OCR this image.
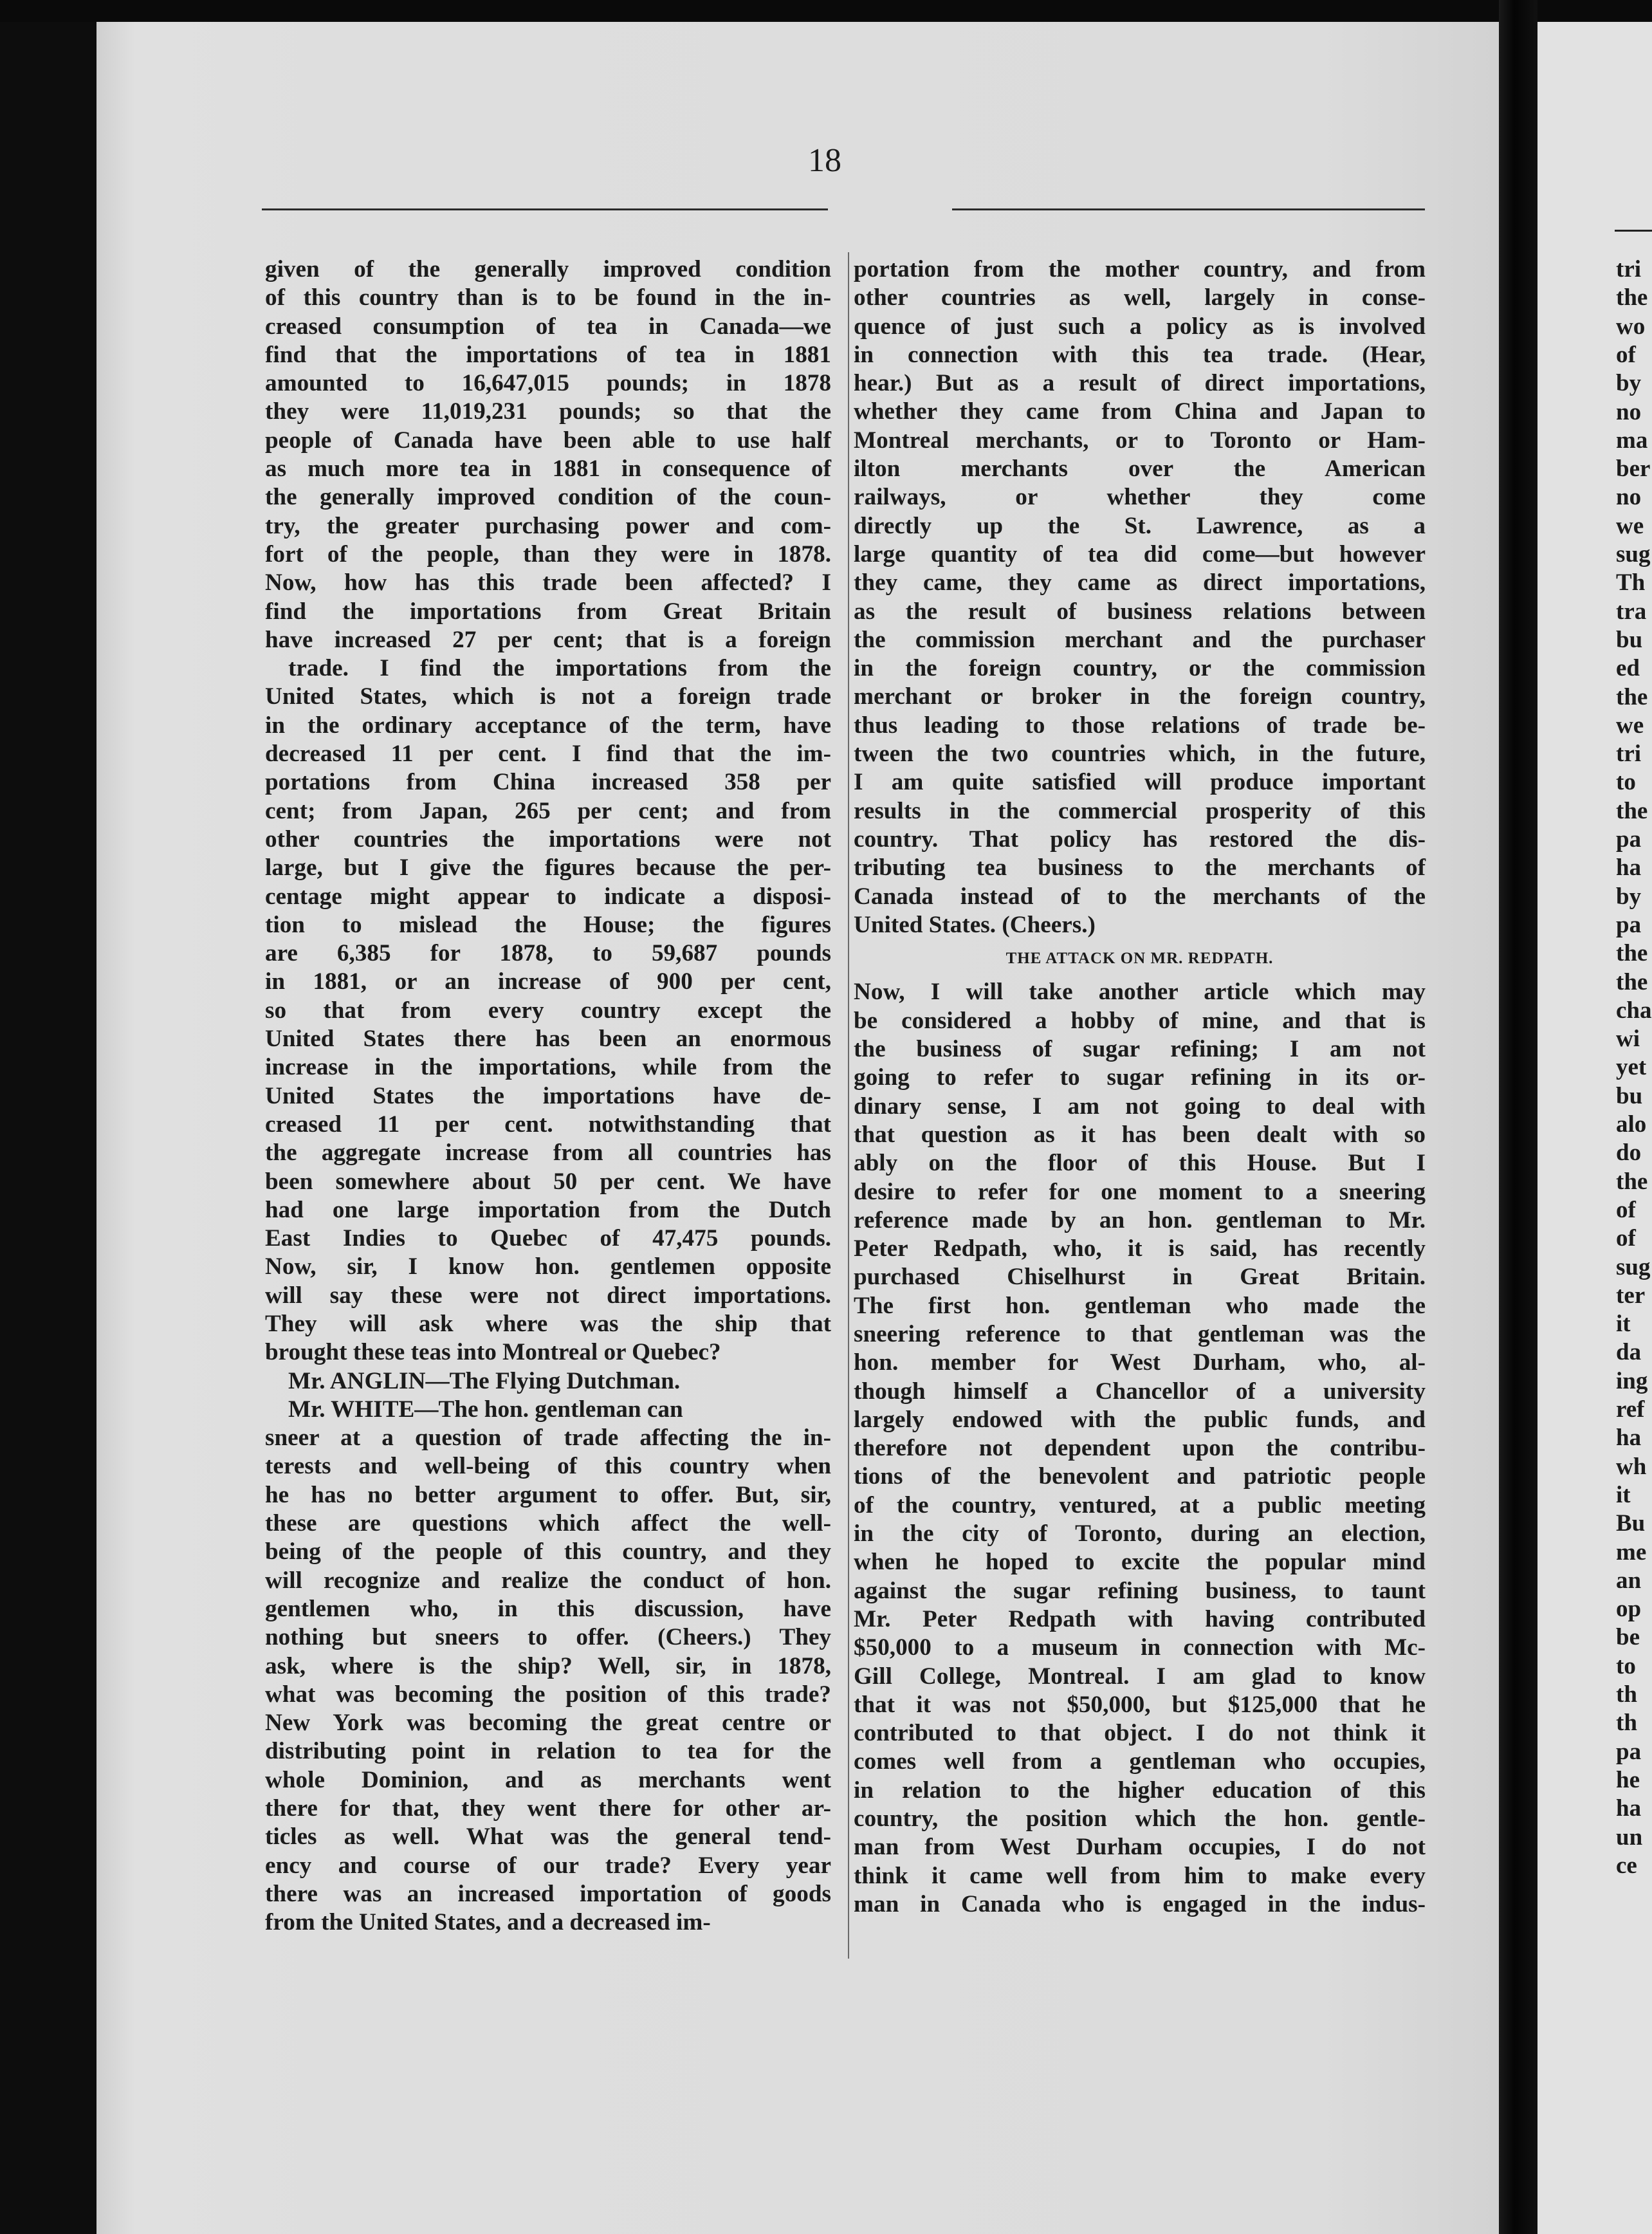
tri
the
wo
of
by
no
ma
ber
no
we
sug
Th
tra
bu
ed
the
we
tri
to
the
pa
ha
by
pa
the
the
cha
wi
yet
bu
alo
do
the
of
of
sug
ter
it
da
ing
ref
ha
wh
it
Bu
me
an
op
be
to
th
th
pa
he
ha
un
ce
18
given of the generally improved condition
of this country than is to be found in the in-
creased consumption of tea in Canada—we
find that the importations of tea in 1881
amounted to 16,647,015 pounds; in 1878
they were 11,019,231 pounds; so that the
people of Canada have been able to use half
as much more tea in 1881 in consequence of
the generally improved condition of the coun-
try, the greater purchasing power and com-
fort of the people, than they were in 1878.
Now, how has this trade been affected? I
find the importations from Great Britain
have increased 27 per cent; that is a foreign
trade. I find the importations from the
United States, which is not a foreign trade
in the ordinary acceptance of the term, have
decreased 11 per cent. I find that the im-
portations from China increased 358 per
cent; from Japan, 265 per cent; and from
other countries the importations were not
large, but I give the figures because the per-
centage might appear to indicate a disposi-
tion to mislead the House; the figures
are 6,385 for 1878, to 59,687 pounds
in 1881, or an increase of 900 per cent,
so that from every country except the
United States there has been an enormous
increase in the importations, while from the
United States the importations have de-
creased 11 per cent. notwithstanding that
the aggregate increase from all countries has
been somewhere about 50 per cent. We have
had one large importation from the Dutch
East Indies to Quebec of 47,475 pounds.
Now, sir, I know hon. gentlemen opposite
will say these were not direct importations.
They will ask where was the ship that
brought these teas into Montreal or Quebec?
Mr. ANGLIN—The Flying Dutchman.
Mr. WHITE—The hon. gentleman can
sneer at a question of trade affecting the in-
terests and well-being of this country when
he has no better argument to offer. But, sir,
these are questions which affect the well-
being of the people of this country, and they
will recognize and realize the conduct of hon.
gentlemen who, in this discussion, have
nothing but sneers to offer. (Cheers.) They
ask, where is the ship? Well, sir, in 1878,
what was becoming the position of this trade?
New York was becoming the great centre or
distributing point in relation to tea for the
whole Dominion, and as merchants went
there for that, they went there for other ar-
ticles as well. What was the general tend-
ency and course of our trade? Every year
there was an increased importation of goods
from the United States, and a decreased im-
portation from the mother country, and from
other countries as well, largely in conse-
quence of just such a policy as is involved
in connection with this tea trade. (Hear,
hear.) But as a result of direct importations,
whether they came from China and Japan to
Montreal merchants, or to Toronto or Ham-
ilton merchants over the American
railways, or whether they come
directly up the St. Lawrence, as a
large quantity of tea did come—but however
they came, they came as direct importations,
as the result of business relations between
the commission merchant and the purchaser
in the foreign country, or the commission
merchant or broker in the foreign country,
thus leading to those relations of trade be-
tween the two countries which, in the future,
I am quite satisfied will produce important
results in the commercial prosperity of this
country. That policy has restored the dis-
tributing tea business to the merchants of
Canada instead of to the merchants of the
United States. (Cheers.)
THE ATTACK ON MR. REDPATH.
Now, I will take another article which may
be considered a hobby of mine, and that is
the business of sugar refining; I am not
going to refer to sugar refining in its or-
dinary sense, I am not going to deal with
that question as it has been dealt with so
ably on the floor of this House. But I
desire to refer for one moment to a sneering
reference made by an hon. gentleman to Mr.
Peter Redpath, who, it is said, has recently
purchased Chiselhurst in Great Britain.
The first hon. gentleman who made the
sneering reference to that gentleman was the
hon. member for West Durham, who, al-
though himself a Chancellor of a university
largely endowed with the public funds, and
therefore not dependent upon the contribu-
tions of the benevolent and patriotic people
of the country, ventured, at a public meeting
in the city of Toronto, during an election,
when he hoped to excite the popular mind
against the sugar refining business, to taunt
Mr. Peter Redpath with having contributed
$50,000 to a museum in connection with Mc-
Gill College, Montreal. I am glad to know
that it was not $50,000, but $125,000 that he
contributed to that object. I do not think it
comes well from a gentleman who occupies,
in relation to the higher education of this
country, the position which the hon. gentle-
man from West Durham occupies, I do not
think it came well from him to make every
man in Canada who is engaged in the indus-
